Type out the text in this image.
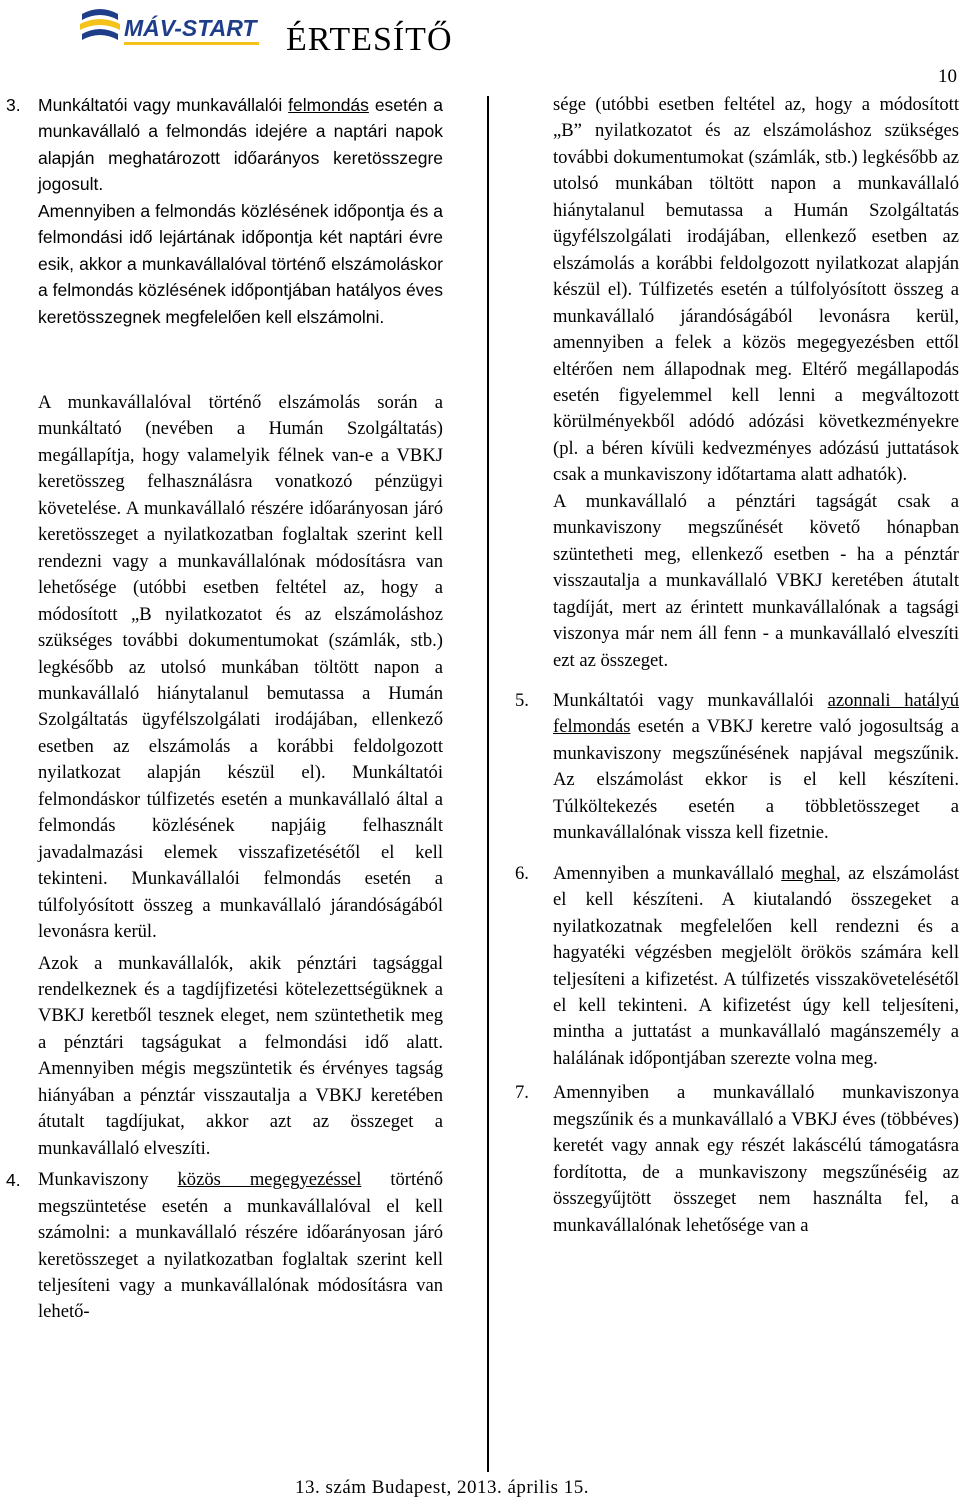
MÁV-START ÉRTESÍTŐ
10
3. Munkáltatói vagy munkavállalói felmondás esetén a munkavállaló a felmondás idejére a naptári napok alapján meghatározott időarányos keretösszegre jogosult.
Amennyiben a felmondás közlésének időpontja és a felmondási idő lejártának időpontja két naptári évre esik, akkor a munkavállalóval történő elszámoláskor a felmondás közlésének időpontjában hatályos éves keretösszegnek megfelelően kell elszámolni.
A munkavállalóval történő elszámolás során a munkáltató (nevében a Humán Szolgáltatás) megállapítja, hogy valamelyik félnek van-e a VBKJ keretösszeg felhasználásra vonatkozó pénzügyi követelése. A munkavállaló részére időarányosan járó keretösszeget a nyilatkozatban foglaltak szerint kell rendezni vagy a munkavállalónak módosításra van lehetősége (utóbbi esetben feltétel az, hogy a módosított „B nyilatkozatot és az elszámoláshoz szükséges további dokumentumokat (számlák, stb.) legkésőbb az utolsó munkában töltött napon a munkavállaló hiánytalanul bemutassa a Humán Szolgáltatás ügyfélszolgálati irodájában, ellenkező esetben az elszámolás a korábbi feldolgozott nyilatkozat alapján készül el). Munkáltatói felmondáskor túlfizetés esetén a munkavállaló által a felmondás közlésének napjáig felhasznált javadalmazási elemek visszafizetésétől el kell tekinteni. Munkavállalói felmondás esetén a túlfolyósított összeg a munkavállaló járandóságából levonásra kerül.
Azok a munkavállalók, akik pénztári tagsággal rendelkeznek és a tagdíjfizetési kötelezettségüknek a VBKJ keretből tesznek eleget, nem szüntethetik meg a pénztári tagságukat a felmondási idő alatt. Amennyiben mégis megszüntetik és érvényes tagság hiányában a pénztár visszautalja a VBKJ keretében átutalt tagdíjukat, akkor azt az összeget a munkavállaló elveszíti.
4. Munkaviszony közös megegyezéssel történő megszüntetése esetén a munkavállalóval el kell számolni: a munkavállaló részére időarányosan járó keretösszeget a nyilatkozatban foglaltak szerint kell teljesíteni vagy a munkavállalónak módosításra van lehető-
sége (utóbbi esetben feltétel az, hogy a módosított „B” nyilatkozatot és az elszámoláshoz szükséges további dokumentumokat (számlák, stb.) legkésőbb az utolsó munkában töltött napon a munkavállaló hiánytalanul bemutassa a Humán Szolgáltatás ügyfélszolgálati irodájában, ellenkező esetben az elszámolás a korábbi feldolgozott nyilatkozat alapján készül el). Túlfizetés esetén a túlfolyósított összeg a munkavállaló járandóságából levonásra kerül, amennyiben a felek a közös megegyezésben ettől eltérően nem állapodnak meg. Eltérő megállapodás esetén figyelemmel kell lenni a megváltozott körülményekből adódó adózási következményekre (pl. a béren kívüli kedvezményes adózású juttatások csak a munkaviszony időtartama alatt adhatók).
A munkavállaló a pénztári tagságát csak a munkaviszony megszűnését követő hónapban szüntetheti meg, ellenkező esetben - ha a pénztár visszautalja a munkavállaló VBKJ keretében átutalt tagdíját, mert az érintett munkavállalónak a tagsági viszonya már nem áll fenn - a munkavállaló elveszíti ezt az összeget.
5. Munkáltatói vagy munkavállalói azonnali hatályú felmondás esetén a VBKJ keretre való jogosultság a munkaviszony megszűnésének napjával megszűnik. Az elszámolást ekkor is el kell készíteni. Túlköltekezés esetén a többletösszeget a munkavállalónak vissza kell fizetnie.
6. Amennyiben a munkavállaló meghal, az elszámolást el kell készíteni. A kiutalandó összegeket a nyilatkozatnak megfelelően kell rendezni és a hagyatéki végzésben megjelölt örökös számára kell teljesíteni a kifizetést. A túlfizetés visszakövetelésétől el kell tekinteni. A kifizetést úgy kell teljesíteni, mintha a juttatást a munkavállaló magánszemély a halálának időpontjában szerezte volna meg.
7. Amennyiben a munkavállaló munkaviszonya megszűnik és a munkavállaló a VBKJ éves (többéves) keretét vagy annak egy részét lakáscélú támogatásra fordította, de a munkaviszony megszűnéséig az összegyűjtött összeget nem használta fel, a munkavállalónak lehetősége van a
13. szám Budapest, 2013. április 15.
